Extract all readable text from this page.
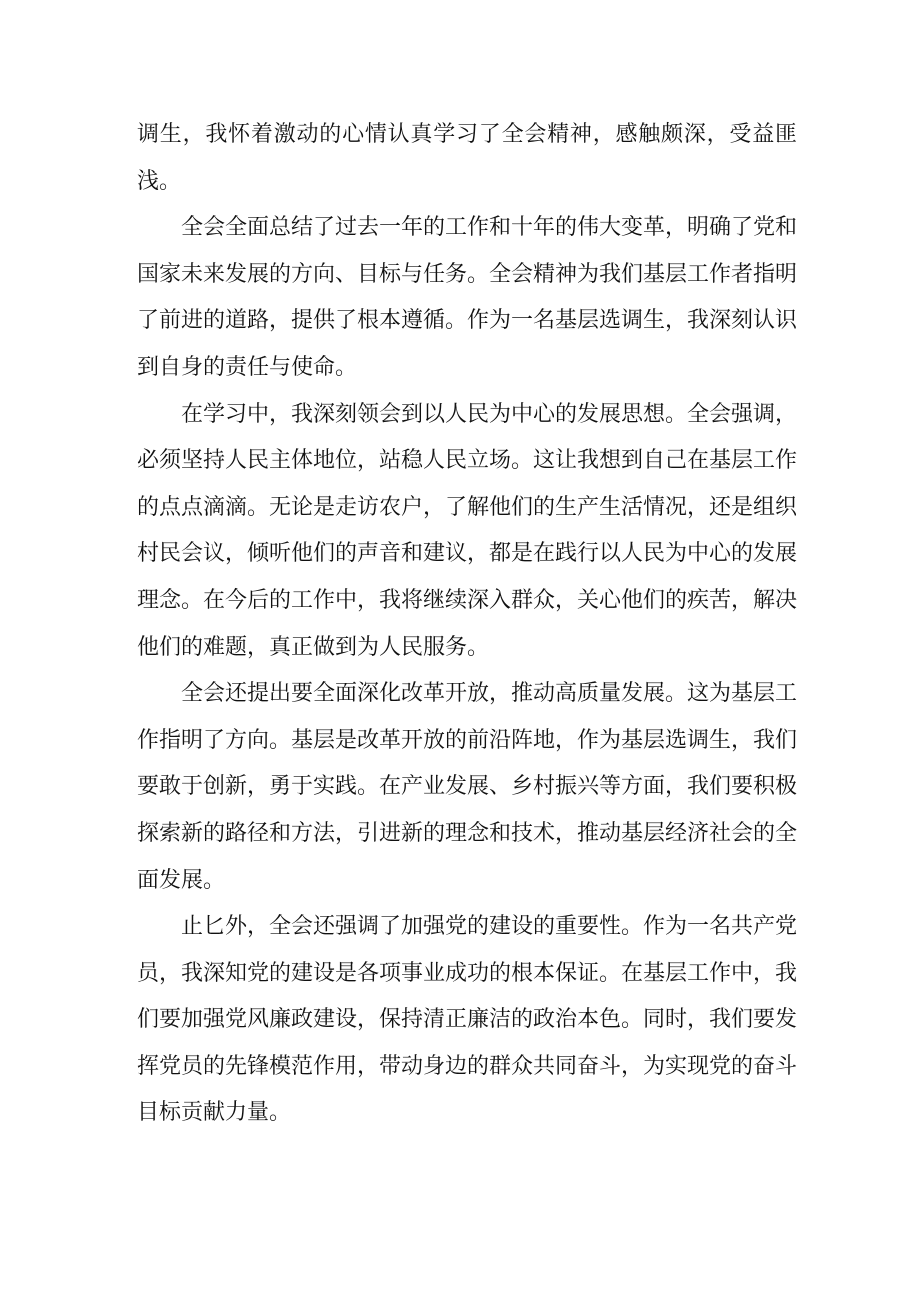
调生，我怀着激动的心情认真学习了全会精神，感触颇深，受益匪浅。

全会全面总结了过去一年的工作和十年的伟大变革，明确了党和国家未来发展的方向、目标与任务。全会精神为我们基层工作者指明了前进的道路，提供了根本遵循。作为一名基层选调生，我深刻认识到自身的责任与使命。

在学习中，我深刻领会到以人民为中心的发展思想。全会强调，必须坚持人民主体地位，站稳人民立场。这让我想到自己在基层工作的点点滴滴。无论是走访农户，了解他们的生产生活情况，还是组织村民会议，倾听他们的声音和建议，都是在践行以人民为中心的发展理念。在今后的工作中，我将继续深入群众，关心他们的疾苦，解决他们的难题，真正做到为人民服务。

全会还提出要全面深化改革开放，推动高质量发展。这为基层工作指明了方向。基层是改革开放的前沿阵地，作为基层选调生，我们要敢于创新，勇于实践。在产业发展、乡村振兴等方面，我们要积极探索新的路径和方法，引进新的理念和技术，推动基层经济社会的全面发展。

止匕外，全会还强调了加强党的建设的重要性。作为一名共产党员，我深知党的建设是各项事业成功的根本保证。在基层工作中，我们要加强党风廉政建设，保持清正廉洁的政治本色。同时，我们要发挥党员的先锋模范作用，带动身边的群众共同奋斗，为实现党的奋斗目标贡献力量。
